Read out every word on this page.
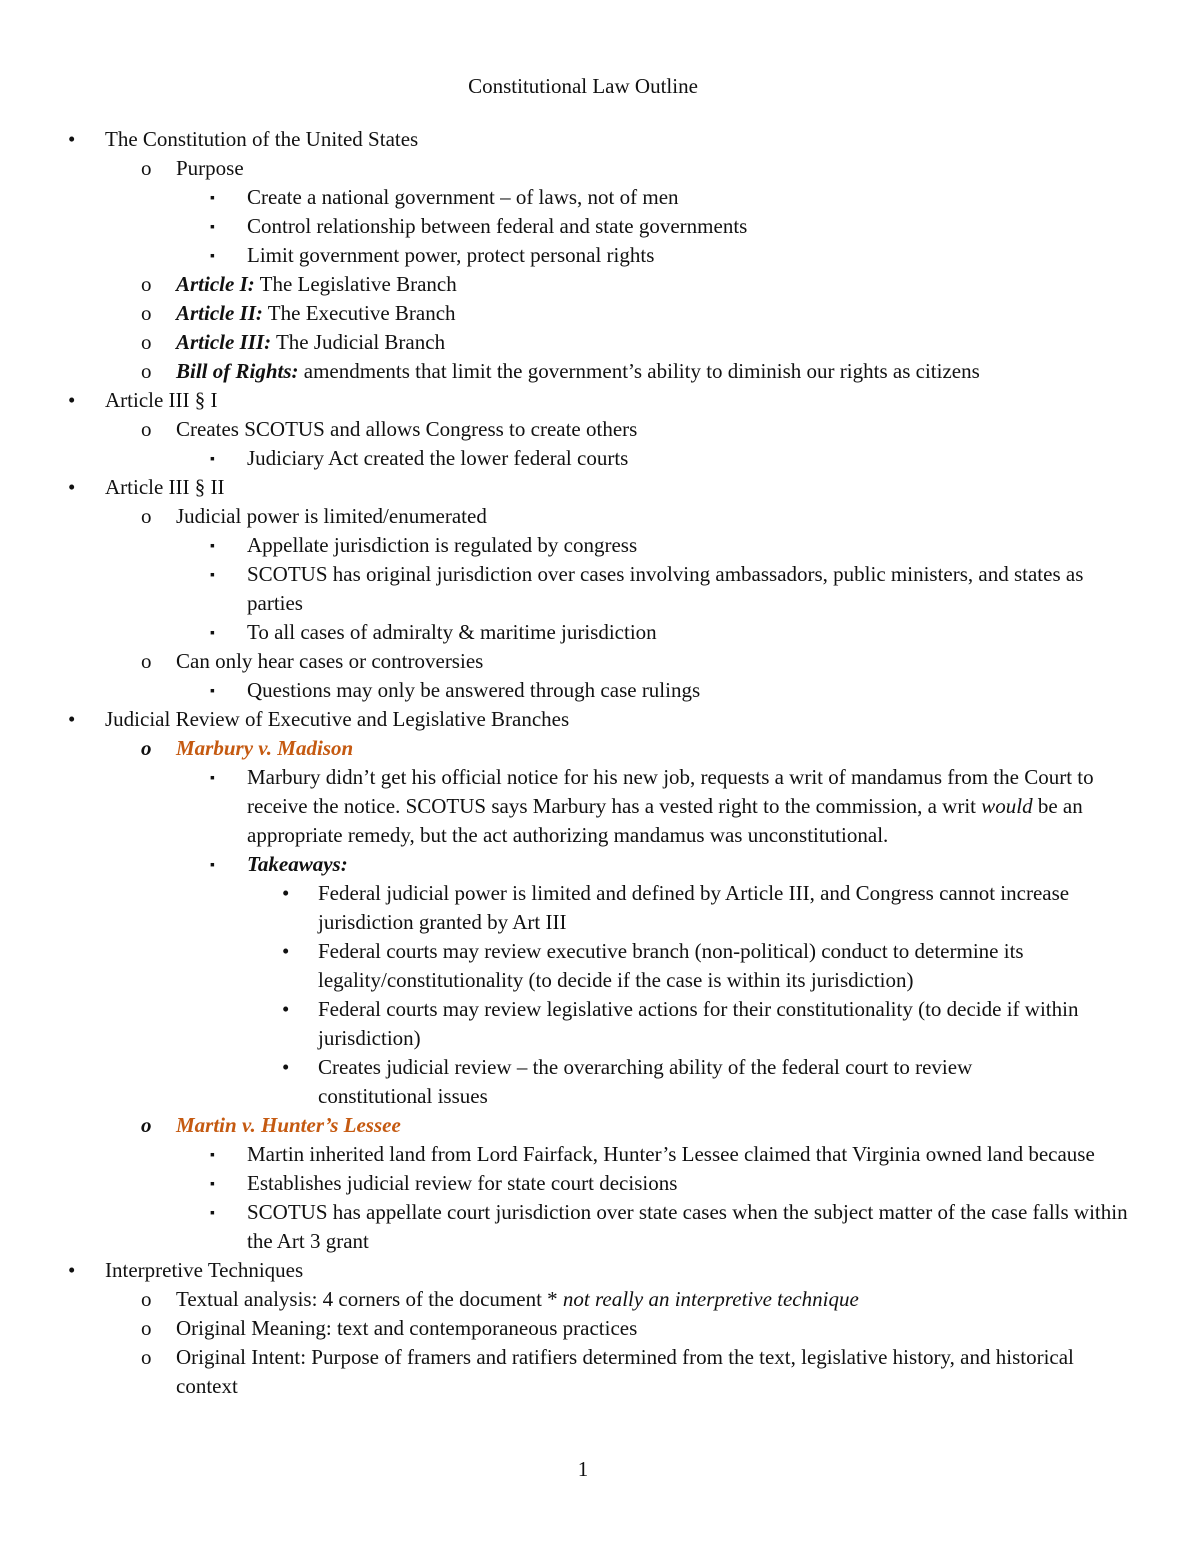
Constitutional Law Outline
• The Constitution of the United States
o Purpose
▪ Create a national government – of laws, not of men
▪ Control relationship between federal and state governments
▪ Limit government power, protect personal rights
o Article I: The Legislative Branch
o Article II: The Executive Branch
o Article III: The Judicial Branch
o Bill of Rights: amendments that limit the government’s ability to diminish our rights as citizens
• Article III § I
o Creates SCOTUS and allows Congress to create others
▪ Judiciary Act created the lower federal courts
• Article III § II
o Judicial power is limited/enumerated
▪ Appellate jurisdiction is regulated by congress
▪ SCOTUS has original jurisdiction over cases involving ambassadors, public ministers, and states as parties
▪ To all cases of admiralty & maritime jurisdiction
o Can only hear cases or controversies
▪ Questions may only be answered through case rulings
• Judicial Review of Executive and Legislative Branches
o Marbury v. Madison
▪ Marbury didn’t get his official notice for his new job, requests a writ of mandamus from the Court to receive the notice. SCOTUS says Marbury has a vested right to the commission, a writ would be an appropriate remedy, but the act authorizing mandamus was unconstitutional.
▪ Takeaways:
• Federal judicial power is limited and defined by Article III, and Congress cannot increase jurisdiction granted by Art III
• Federal courts may review executive branch (non-political) conduct to determine its legality/constitutionality (to decide if the case is within its jurisdiction)
• Federal courts may review legislative actions for their constitutionality (to decide if within jurisdiction)
• Creates judicial review – the overarching ability of the federal court to review constitutional issues
o Martin v. Hunter’s Lessee
▪ Martin inherited land from Lord Fairfack, Hunter’s Lessee claimed that Virginia owned land because
▪ Establishes judicial review for state court decisions
▪ SCOTUS has appellate court jurisdiction over state cases when the subject matter of the case falls within the Art 3 grant
• Interpretive Techniques
o Textual analysis: 4 corners of the document * not really an interpretive technique
o Original Meaning: text and contemporaneous practices
o Original Intent: Purpose of framers and ratifiers determined from the text, legislative history, and historical context
1
